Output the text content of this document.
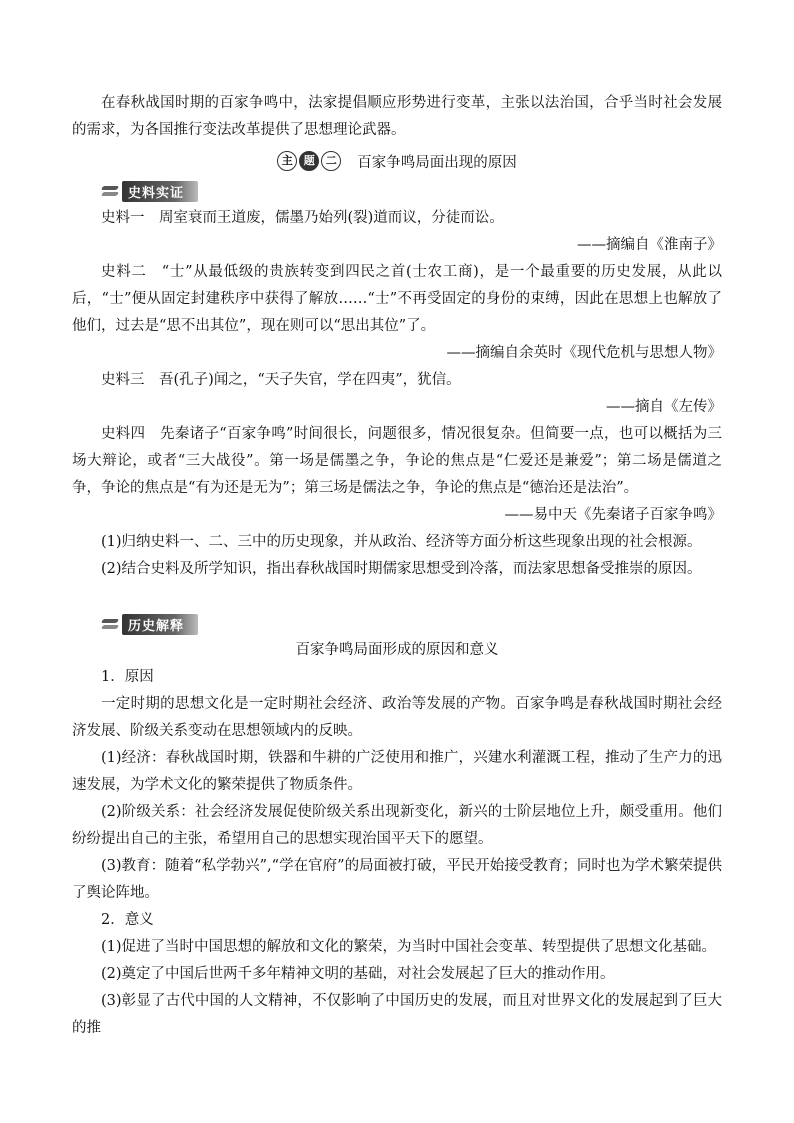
在春秋战国时期的百家争鸣中，法家提倡顺应形势进行变革，主张以法治国，合乎当时社会发展的需求，为各国推行变法改革提供了思想理论武器。

主	题	二	百家争鸣局面出现的原因
史料实证

史料一　周室衰而王道废，儒墨乃始列(裂)道而议，分徒而讼。

——摘编自《淮南子》

史料二　“士”从最低级的贵族转变到四民之首(士农工商)，是一个最重要的历史发展，从此以后，“士”便从固定封建秩序中获得了解放……“士”不再受固定的身份的束缚，因此在思想上也解放了他们，过去是“思不出其位”，现在则可以“思出其位”了。

——摘编自余英时《现代危机与思想人物》

史料三　吾(孔子)闻之，“天子失官，学在四夷”，犹信。

——摘自《左传》

史料四　先秦诸子“百家争鸣”时间很长，问题很多，情况很复杂。但简要一点，也可以概括为三场大辩论，或者“三大战役”。第一场是儒墨之争，争论的焦点是“仁爱还是兼爱”；第二场是儒道之争，争论的焦点是“有为还是无为”；第三场是儒法之争，争论的焦点是“德治还是法治”。

——易中天《先秦诸子百家争鸣》

(1)归纳史料一、二、三中的历史现象，并从政治、经济等方面分析这些现象出现的社会根源。

(2)结合史料及所学知识，指出春秋战国时期儒家思想受到冷落，而法家思想备受推崇的原因。

历史解释

百家争鸣局面形成的原因和意义

1．原因

一定时期的思想文化是一定时期社会经济、政治等发展的产物。百家争鸣是春秋战国时期社会经济发展、阶级关系变动在思想领域内的反映。

(1)经济：春秋战国时期，铁器和牛耕的广泛使用和推广，兴建水利灌溉工程，推动了生产力的迅速发展，为学术文化的繁荣提供了物质条件。

(2)阶级关系：社会经济发展促使阶级关系出现新变化，新兴的士阶层地位上升，颇受重用。他们纷纷提出自己的主张，希望用自己的思想实现治国平天下的愿望。

(3)教育：随着“私学勃兴”,“学在官府”的局面被打破，平民开始接受教育；同时也为学术繁荣提供了舆论阵地。

2．意义

(1)促进了当时中国思想的解放和文化的繁荣，为当时中国社会变革、转型提供了思想文化基础。

(2)奠定了中国后世两千多年精神文明的基础，对社会发展起了巨大的推动作用。

(3)彰显了古代中国的人文精神，不仅影响了中国历史的发展，而且对世界文化的发展起到了巨大的推
